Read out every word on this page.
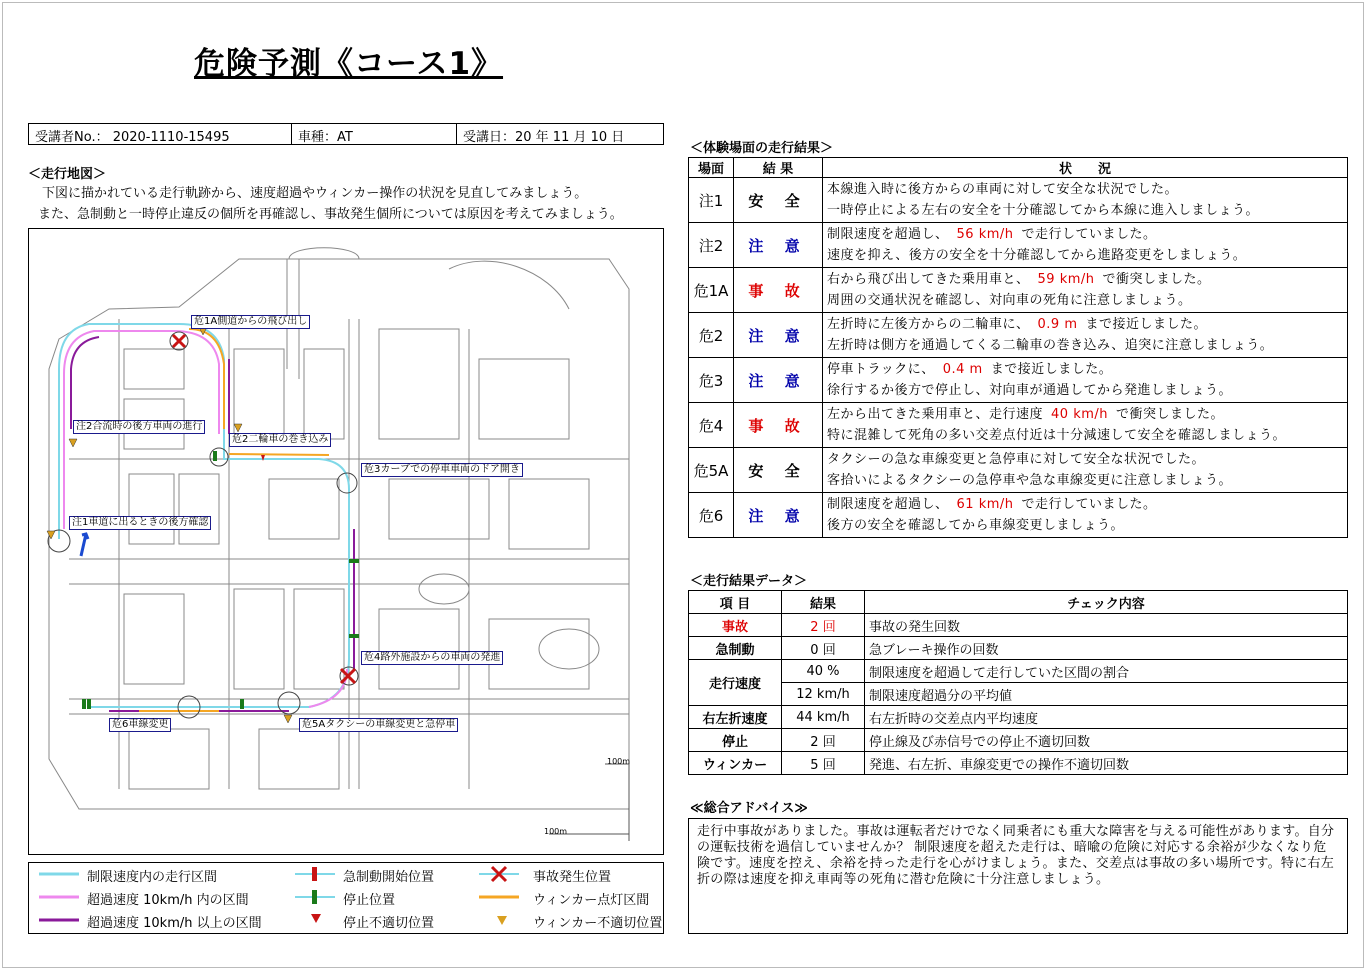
危険予測《コース1》
受講者No.： 2020-1110-15495	車種：AT	受講日：20 年 11 月 10 日
＜走行地図＞
下図に描かれている走行軌跡から、速度超過やウィンカー操作の状況を見直してみましょう。
また、急制動と一時停止違反の個所を再確認し、事故発生個所については原因を考えてみましょう。
危1A側道からの飛び出し
注2合流時の後方車両の進行
危2二輪車の巻き込み
危3カーブでの停車車両のドア開き
注1車道に出るときの後方確認
危4路外施設からの車両の発進
危6車線変更	危5Aタクシーの車線変更と急停車
100m
100m
制限速度内の走行区間
超過速度 10km/h 内の区間
超過速度 10km/h 以上の区間
急制動開始位置
停止位置
停止不適切位置
事故発生位置
ウィンカー点灯区間
ウィンカー不適切位置
＜体験場面の走行結果＞
場面	結 果	状　　況
注1	安 全	本線進入時に後方からの車両に対して安全な状況でした。
一時停止による左右の安全を十分確認してから本線に進入しましょう。

注2	注 意	制限速度を超過し、 56 km/h で走行していました。
速度を抑え、後方の安全を十分確認してから進路変更をしましょう。

危1A	事 故	右から飛び出してきた乗用車と、 59 km/h で衝突しました。
周囲の交通状況を確認し、対向車の死角に注意しましょう。

危2	注 意	左折時に左後方からの二輪車に、 0.9 m まで接近しました。
左折時は側方を通過してくる二輪車の巻き込み、追突に注意しましょう。

危3	注 意	停車トラックに、 0.4 m まで接近しました。
徐行するか後方で停止し、対向車が通過してから発進しましょう。

危4	事 故	左から出てきた乗用車と、走行速度 40 km/h で衝突しました。
特に混雑して死角の多い交差点付近は十分減速して安全を確認しましょう。

危5A	安 全	タクシーの急な車線変更と急停車に対して安全な状況でした。
客拾いによるタクシーの急停車や急な車線変更に注意しましょう。

危6	注 意	制限速度を超過し、 61 km/h で走行していました。
後方の安全を確認してから車線変更しましょう。
＜走行結果データ＞
項 目	結果	チェック内容
事故	2 回	事故の発生回数
急制動	0 回	急ブレーキ操作の回数
走行速度	40 %	制限速度を超過して走行していた区間の割合
	12 km/h	制限速度超過分の平均値
右左折速度	44 km/h	右左折時の交差点内平均速度
停止	2 回	停止線及び赤信号での停止不適切回数
ウィンカー	5 回	発進、右左折、車線変更での操作不適切回数
≪総合アドバイス≫
走行中事故がありました。事故は運転者だけでなく同乗者にも重大な障害を与える可能性があります。自分の運転技術を過信していませんか？ 制限速度を超えた走行は、暗喩の危険に対応する余裕が少なくなり危険です。速度を控え、余裕を持った走行を心がけましょう。また、交差点は事故の多い場所です。特に右左折の際は速度を抑え車両等の死角に潜む危険に十分注意しましょう。
